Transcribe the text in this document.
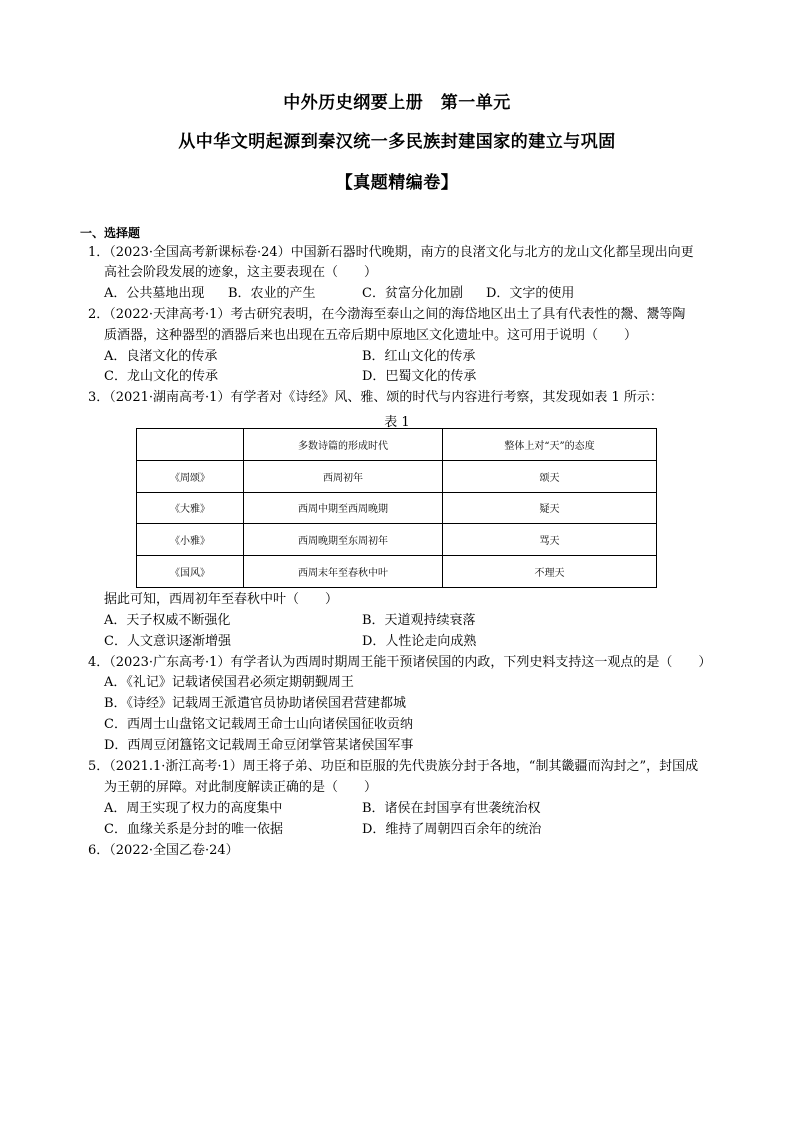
中外历史纲要上册　第一单元
从中华文明起源到秦汉统一多民族封建国家的建立与巩固
【真题精编卷】
一、选择题
1．（2023·全国高考新课标卷·24）中国新石器时代晚期，南方的良渚文化与北方的龙山文化都呈现出向更
高社会阶段发展的迹象，这主要表现在（　　）
A．公共墓地出现 B．农业的产生	C．贫富分化加剧 D．文字的使用
2．（2022·天津高考·1）考古研究表明，在今渤海至泰山之间的海岱地区出土了具有代表性的鬶、鬹等陶
质酒器，这种器型的酒器后来也出现在五帝后期中原地区文化遗址中。这可用于说明（　　）
A．良渚文化的传承	B．红山文化的传承
C．龙山文化的传承	D．巴蜀文化的传承
3．（2021·湖南高考·1）有学者对《诗经》风、雅、颂的时代与内容进行考察，其发现如表 1 所示：
表 1
	多数诗篇的形成时代	整体上对“天”的态度
《周颂》	西周初年	颂天
《大雅》	西周中期至西周晚期	疑天
《小雅》	西周晚期至东周初年	骂天
《国风》	西周末年至春秋中叶	不理天
据此可知，西周初年至春秋中叶（　　）
A．天子权威不断强化	B．天道观持续衰落
C．人文意识逐渐增强	D．人性论走向成熟
4．（2023·广东高考·1）有学者认为西周时期周王能干预诸侯国的内政，下列史料支持这一观点的是（　　）
A．《礼记》记载诸侯国君必须定期朝觐周王
B．《诗经》记载周王派遣官员协助诸侯国君营建都城
C．西周士山盘铭文记载周王命士山向诸侯国征收贡纳
D．西周豆闭簋铭文记载周王命豆闭掌管某诸侯国军事
5．（2021.1·浙江高考·1）周王将子弟、功臣和臣服的先代贵族分封于各地，“制其畿疆而沟封之”，封国成
为王朝的屏障。对此制度解读正确的是（　　）
A．周王实现了权力的高度集中	B．诸侯在封国享有世袭统治权
C．血缘关系是分封的唯一依据	D．维持了周朝四百余年的统治
6．（2022·全国乙卷·24）
